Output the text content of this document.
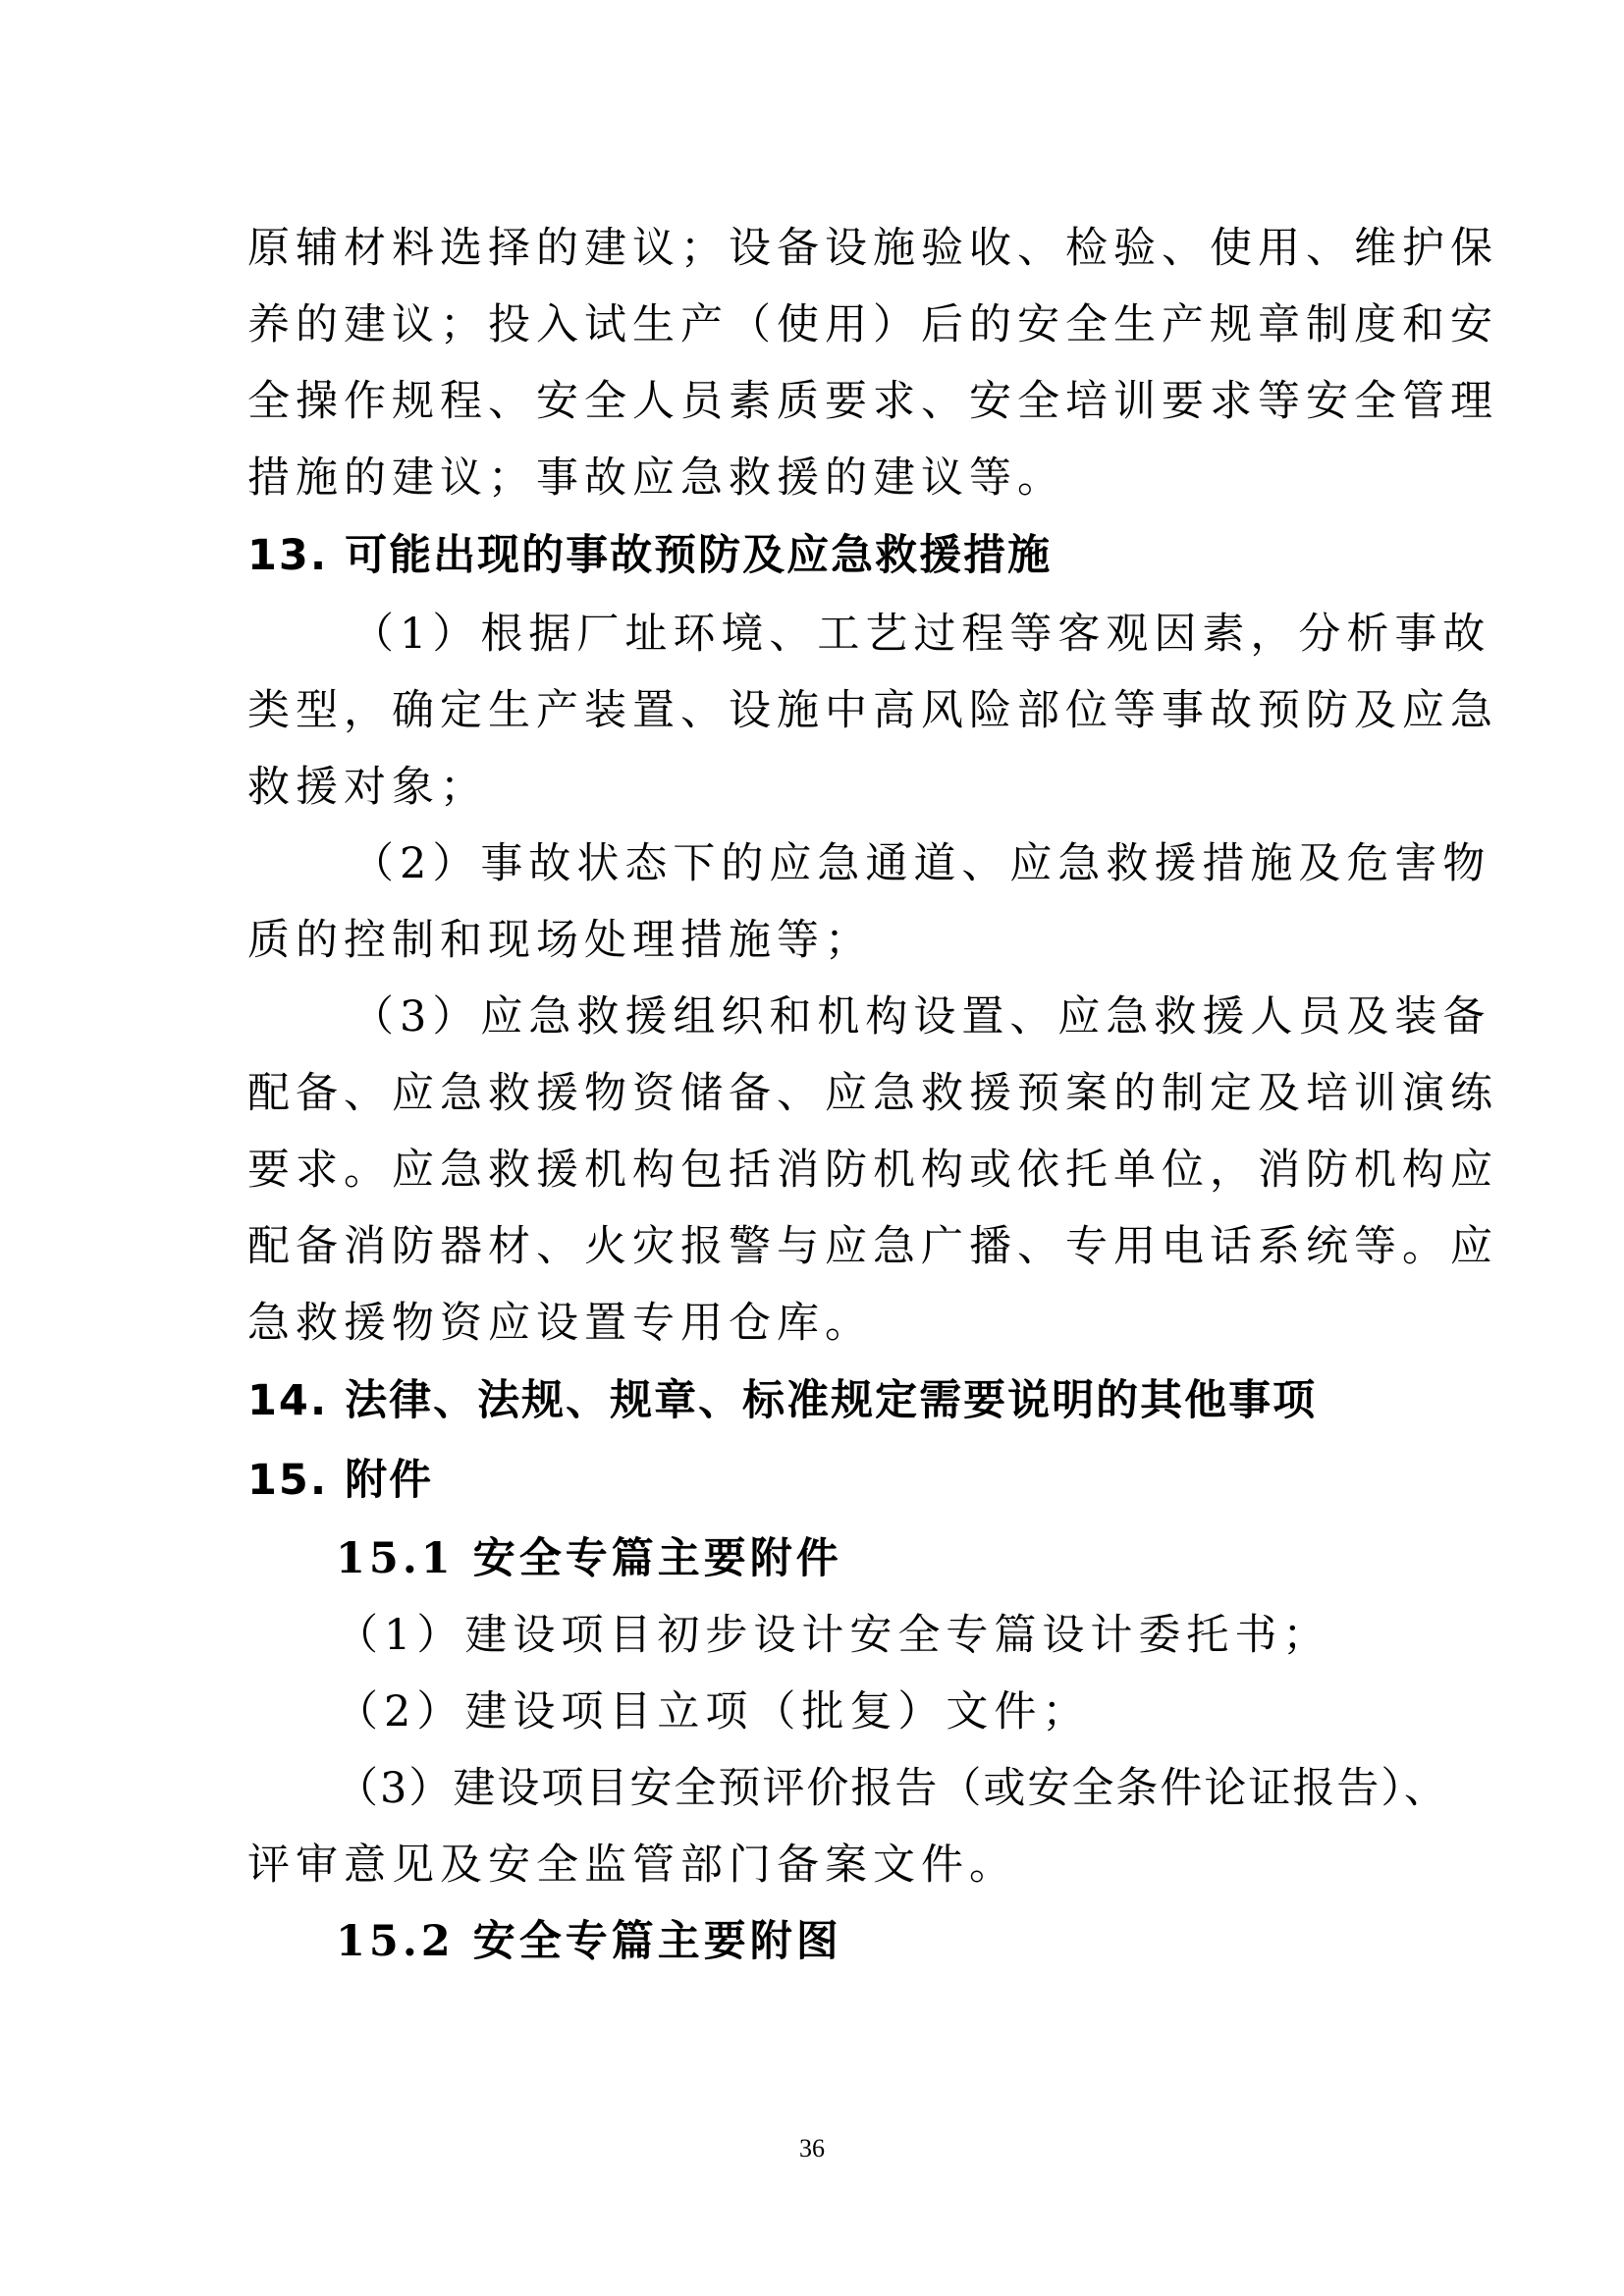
原辅材料选择的建议；设备设施验收、检验、使用、维护保
养的建议；投入试生产（使用）后的安全生产规章制度和安
全操作规程、安全人员素质要求、安全培训要求等安全管理
措施的建议；事故应急救援的建议等。
13. 可能出现的事故预防及应急救援措施
（1）根据厂址环境、工艺过程等客观因素，分析事故
类型，确定生产装置、设施中高风险部位等事故预防及应急
救援对象；
（2）事故状态下的应急通道、应急救援措施及危害物
质的控制和现场处理措施等；
（3）应急救援组织和机构设置、应急救援人员及装备
配备、应急救援物资储备、应急救援预案的制定及培训演练
要求。应急救援机构包括消防机构或依托单位，消防机构应
配备消防器材、火灾报警与应急广播、专用电话系统等。应
急救援物资应设置专用仓库。
14. 法律、法规、规章、标准规定需要说明的其他事项
15. 附件
15.1 安全专篇主要附件
（1）建设项目初步设计安全专篇设计委托书；
（2）建设项目立项（批复）文件；
（3）建设项目安全预评价报告（或安全条件论证报告）、
评审意见及安全监管部门备案文件。
15.2 安全专篇主要附图
36
